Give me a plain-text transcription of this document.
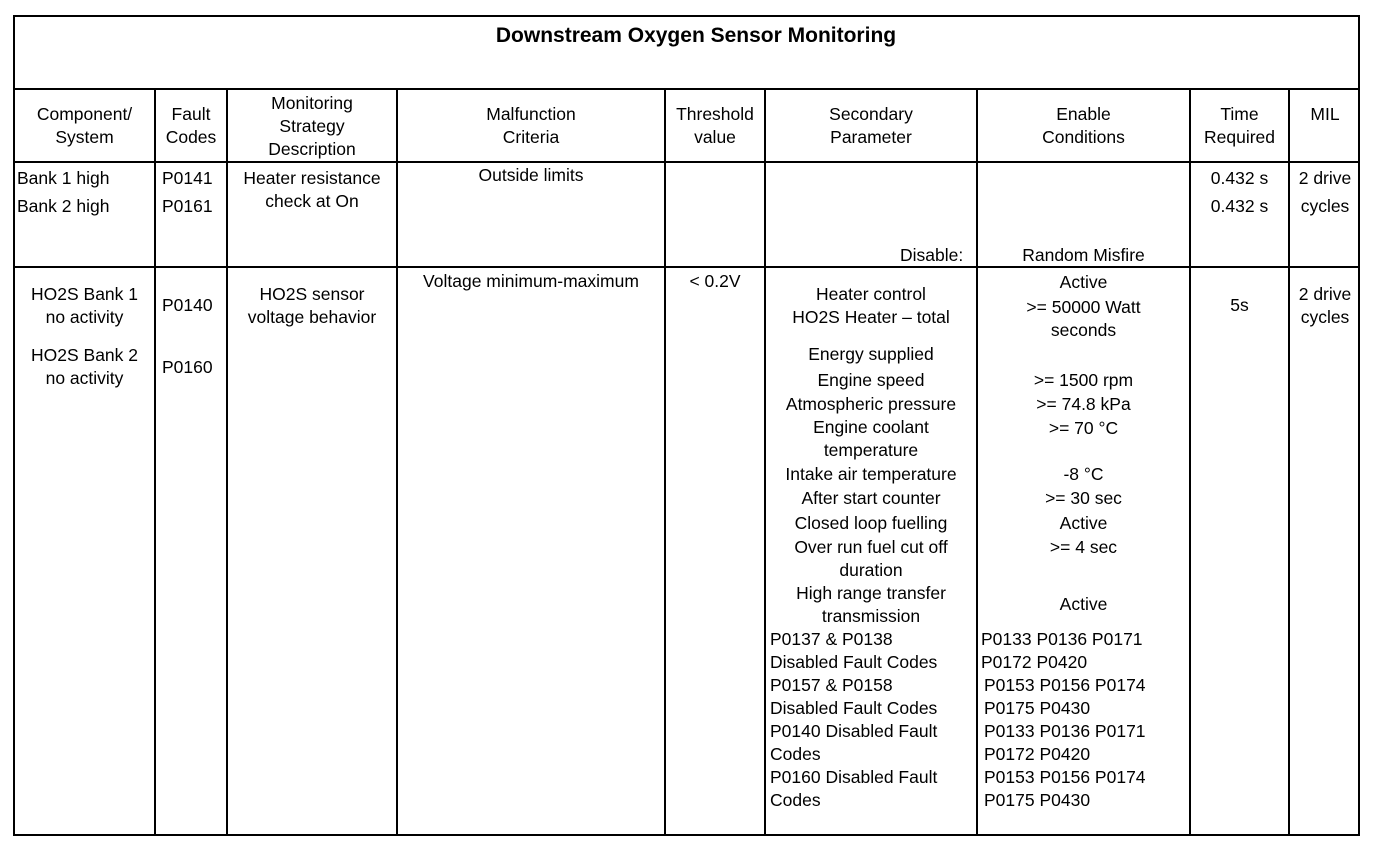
Downstream Oxygen Sensor Monitoring
Component/
System
Fault
Codes
Monitoring
Strategy
Description
Malfunction
Criteria
Threshold
value
Secondary
Parameter
Enable
Conditions
Time
Required
MIL
Bank 1 high
Bank 2 high
P0141
P0161
Heater resistance
check at On
Outside limits
Disable:	Random Misfire
0.432 s
0.432 s
2 drive
cycles
HO2S Bank 1
no activity
HO2S Bank 2
no activity
P0140
P0160
HO2S sensor
voltage behavior
Voltage minimum-maximum	< 0.2V
Heater control
HO2S Heater – total
Energy supplied
Engine speed
Atmospheric pressure
Engine coolant
temperature
Intake air temperature
After start counter
Closed loop fuelling
Over run fuel cut off
duration
High range transfer
transmission
P0137 & P0138
Disabled Fault Codes
P0157 & P0158
Disabled Fault Codes
P0140 Disabled Fault
Codes
P0160 Disabled Fault
Codes
Active
>= 50000 Watt
seconds
>= 1500 rpm
>= 74.8 kPa
>= 70 °C
-8 °C
>= 30 sec
Active
>= 4 sec
Active
P0133 P0136 P0171
P0172 P0420
P0153 P0156 P0174
P0175 P0430
P0133 P0136 P0171
P0172 P0420
P0153 P0156 P0174
P0175 P0430
5s
2 drive
cycles
